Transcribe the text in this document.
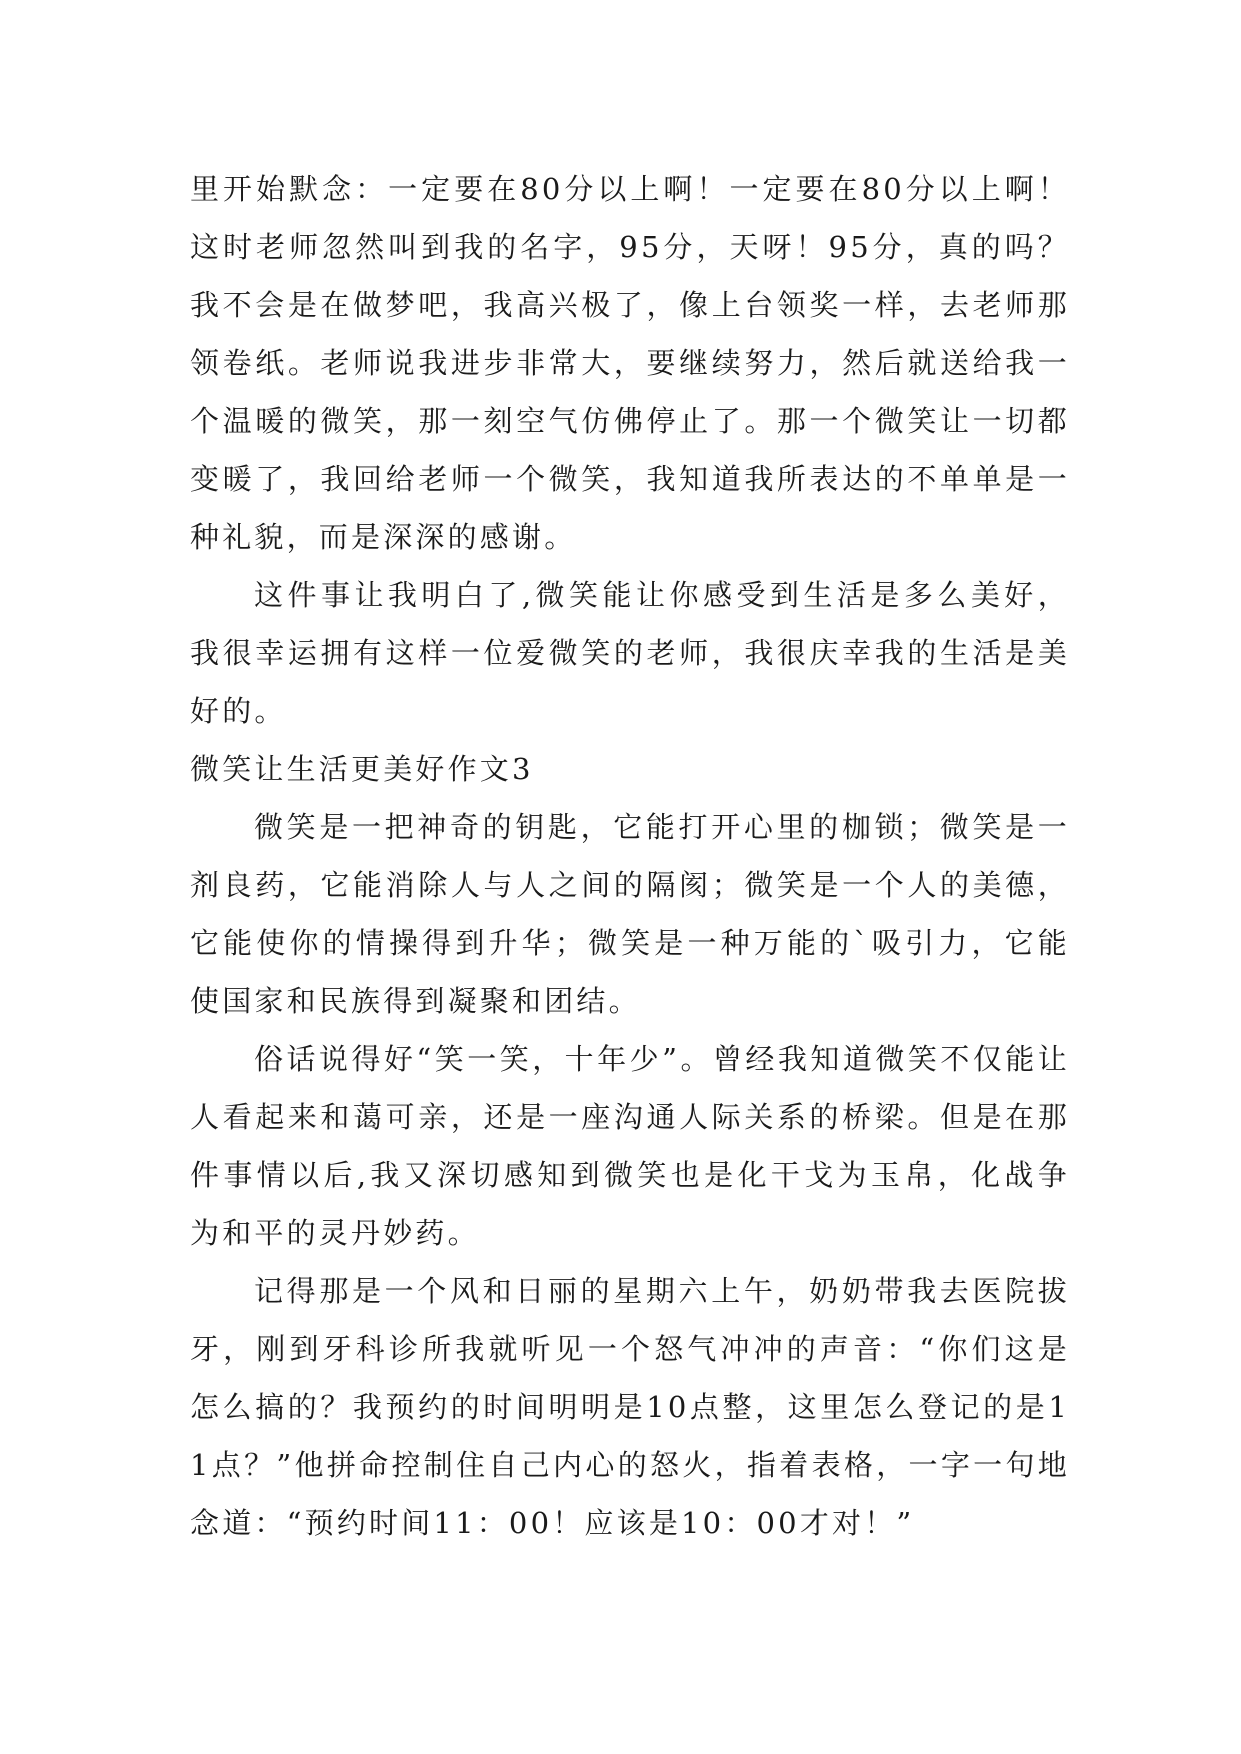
里开始默念：一定要在80分以上啊！一定要在80分以上啊！这时老师忽然叫到我的名字，95分，天呀！95分，真的吗？我不会是在做梦吧，我高兴极了，像上台领奖一样，去老师那领卷纸。老师说我进步非常大，要继续努力，然后就送给我一个温暖的微笑，那一刻空气仿佛停止了。那一个微笑让一切都变暖了，我回给老师一个微笑，我知道我所表达的不单单是一种礼貌，而是深深的感谢。

这件事让我明白了,微笑能让你感受到生活是多么美好，我很幸运拥有这样一位爱微笑的老师，我很庆幸我的生活是美好的。

微笑让生活更美好作文3

微笑是一把神奇的钥匙，它能打开心里的枷锁；微笑是一剂良药，它能消除人与人之间的隔阂；微笑是一个人的美德，它能使你的情操得到升华；微笑是一种万能的`吸引力，它能使国家和民族得到凝聚和团结。

俗话说得好“笑一笑，十年少”。曾经我知道微笑不仅能让人看起来和蔼可亲，还是一座沟通人际关系的桥梁。但是在那件事情以后,我又深切感知到微笑也是化干戈为玉帛，化战争为和平的灵丹妙药。

记得那是一个风和日丽的星期六上午，奶奶带我去医院拔牙，刚到牙科诊所我就听见一个怒气冲冲的声音：“你们这是怎么搞的？我预约的时间明明是10点整，这里怎么登记的是11点？”他拼命控制住自己内心的怒火，指着表格，一字一句地念道：“预约时间11：00！应该是10：00才对！”
